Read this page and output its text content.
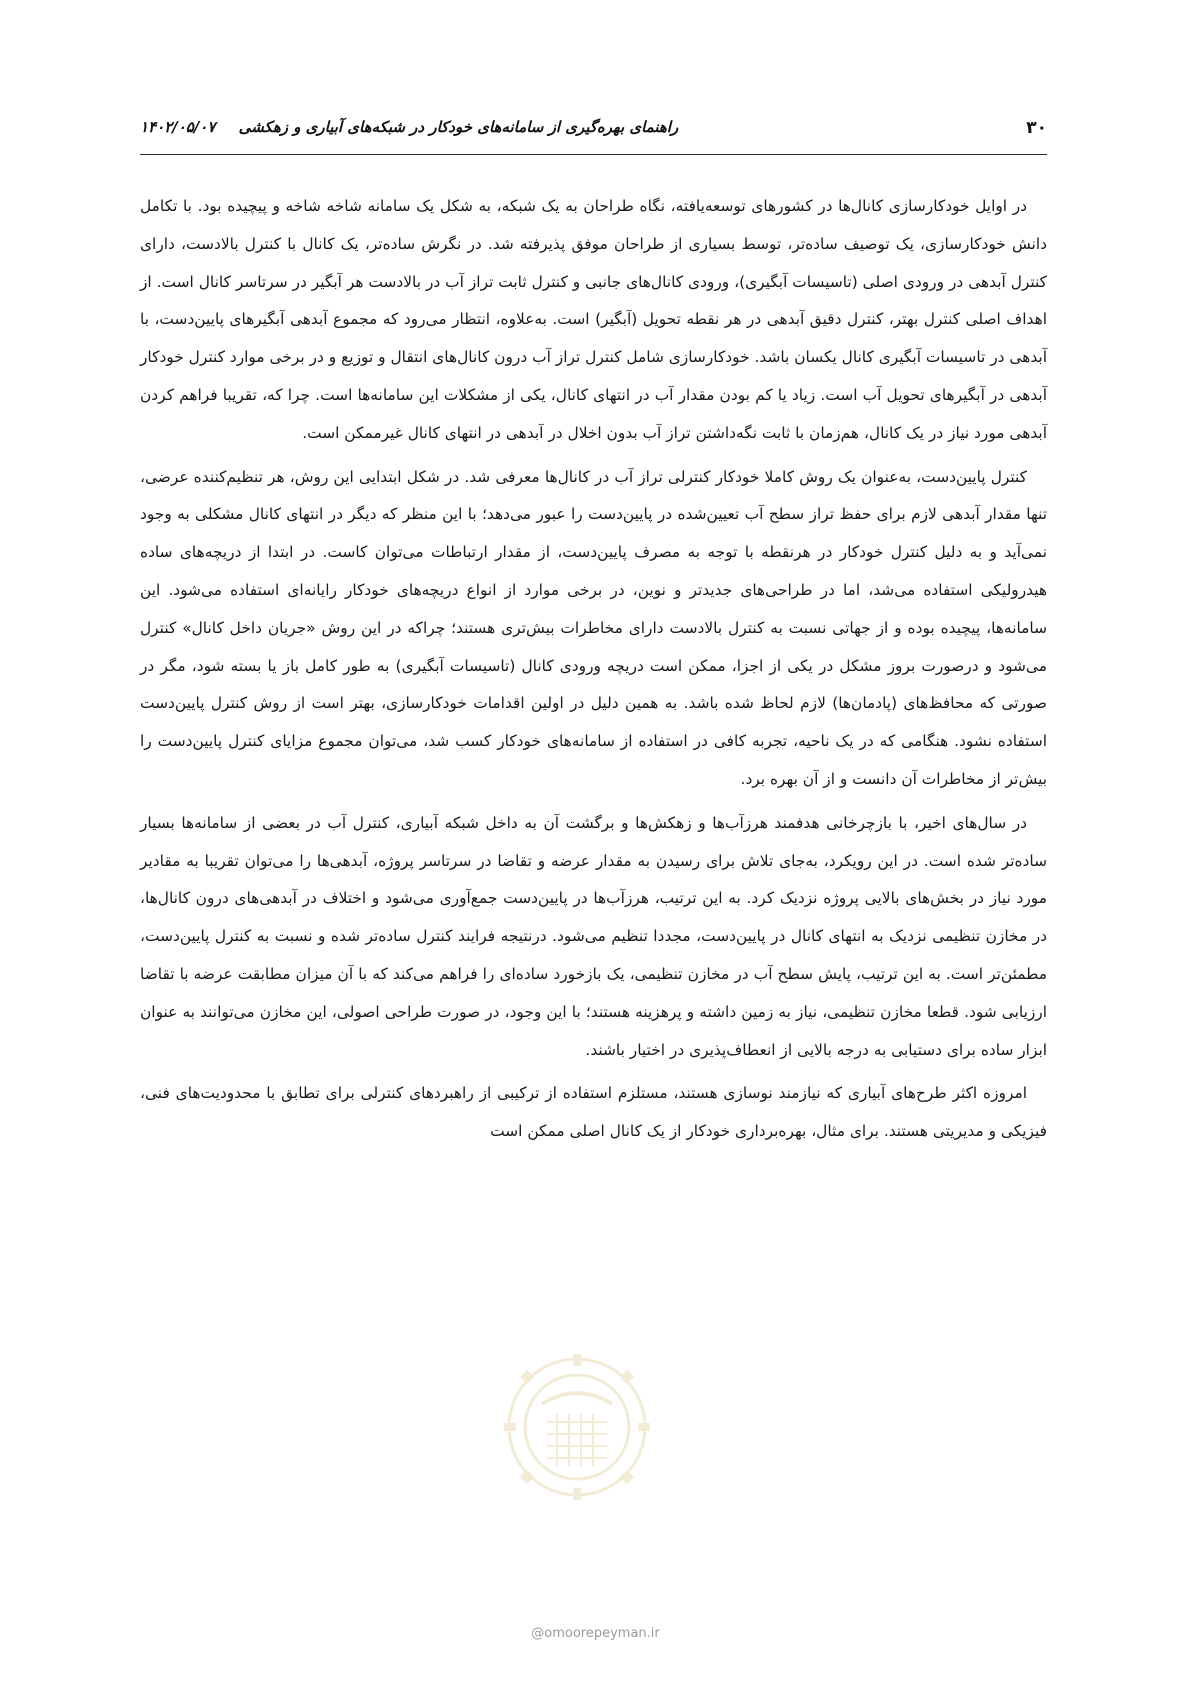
۳۰
راهنمای بهره‌گیری از سامانه‌های خودکار در شبکه‌های آبیاری و زهکشی ۱۴۰۲/۰۵/۰۷

در اوایل خودکارسازی کانال‌ها در کشورهای توسعه‌یافته، نگاه طراحان به یک شبکه، به شکل یک سامانه شاخه شاخه و پیچیده بود. با تکامل دانش خودکارسازی، یک توصیف ساده‌تر، توسط بسیاری از طراحان موفق پذیرفته شد. در نگرش ساده‌تر، یک کانال با کنترل بالادست، دارای کنترل آبدهی در ورودی اصلی (تاسیسات آبگیری)، ورودی کانال‌های جانبی و کنترل ثابت تراز آب در بالادست هر آبگیر در سرتاسر کانال است. از اهداف اصلی کنترل بهتر، کنترل دقیق آبدهی در هر نقطه تحویل (آبگیر) است. به‌علاوه، انتظار می‌رود که مجموع آبدهی آبگیرهای پایین‌دست، با آبدهی در تاسیسات آبگیری کانال یکسان باشد. خودکارسازی شامل کنترل تراز آب درون کانال‌های انتقال و توزیع و در برخی موارد کنترل خودکار آبدهی در آبگیرهای تحویل آب است. زیاد یا کم بودن مقدار آب در انتهای کانال، یکی از مشکلات این سامانه‌ها است. چرا که، تقریبا فراهم کردن آبدهی مورد نیاز در یک کانال، هم‌زمان با ثابت نگه‌داشتن تراز آب بدون اخلال در آبدهی در انتهای کانال غیرممکن است.

کنترل پایین‌دست، به‌عنوان یک روش کاملا خودکار کنترلی تراز آب در کانال‌ها معرفی شد. در شکل ابتدایی این روش، هر تنظیم‌کننده عرضی، تنها مقدار آبدهی لازم برای حفظ تراز سطح آب تعیین‌شده در پایین‌دست را عبور می‌دهد؛ با این منظر که دیگر در انتهای کانال مشکلی به وجود نمی‌آید و به دلیل کنترل خودکار در هرنقطه با توجه به مصرف پایین‌دست، از مقدار ارتباطات می‌توان کاست. در ابتدا از دریچه‌های ساده هیدرولیکی استفاده می‌شد، اما در طراحی‌های جدیدتر و نوین، در برخی موارد از انواع دریچه‌های خودکار رایانه‌ای استفاده می‌شود. این سامانه‌ها، پیچیده بوده و از جهاتی نسبت به کنترل بالادست دارای مخاطرات بیش‌تری هستند؛ چراکه در این روش «جریان داخل کانال» کنترل می‌شود و درصورت بروز مشکل در یکی از اجزا، ممکن است دریچه ورودی کانال (تاسیسات آبگیری) به طور کامل باز یا بسته شود، مگر در صورتی که محافظ‌های (پادمان‌ها) لازم لحاظ شده باشد. به همین دلیل در اولین اقدامات خودکارسازی، بهتر است از روش کنترل پایین‌دست استفاده نشود. هنگامی که در یک ناحیه، تجربه کافی در استفاده از سامانه‌های خودکار کسب شد، می‌توان مجموع مزایای کنترل پایین‌دست را بیش‌تر از مخاطرات آن دانست و از آن بهره برد.

در سال‌های اخیر، با بازچرخانی هدفمند هرزآب‌ها و زهکش‌ها و برگشت آن به داخل شبکه آبیاری، کنترل آب در بعضی از سامانه‌ها بسیار ساده‌تر شده است. در این رویکرد، به‌جای تلاش برای رسیدن به مقدار عرضه و تقاضا در سرتاسر پروژه، آبدهی‌ها را می‌توان تقریبا به مقادیر مورد نیاز در بخش‌های بالایی پروژه نزدیک کرد. به این ترتیب، هرزآب‌ها در پایین‌دست جمع‌آوری می‌شود و اختلاف در آبدهی‌های درون کانال‌ها، در مخازن تنظیمی نزدیک به انتهای کانال در پایین‌دست، مجددا تنظیم می‌شود. درنتیجه فرایند کنترل ساده‌تر شده و نسبت به کنترل پایین‌دست، مطمئن‌تر است. به این ترتیب، پایش سطح آب در مخازن تنظیمی، یک بازخورد ساده‌ای را فراهم می‌کند که با آن میزان مطابقت عرضه با تقاضا ارزیابی شود. قطعا مخازن تنظیمی، نیاز به زمین داشته و پرهزینه هستند؛ با این وجود، در صورت طراحی اصولی، این مخازن می‌توانند به عنوان ابزار ساده برای دستیابی به درجه بالایی از انعطاف‌پذیری در اختیار باشند.

امروزه اکثر طرح‌های آبیاری که نیازمند نوسازی هستند، مستلزم استفاده از ترکیبی از راهبردهای کنترلی برای تطابق با محدودیت‌های فنی، فیزیکی و مدیریتی هستند. برای مثال، بهره‌برداری خودکار از یک کانال اصلی ممکن است

@omoorepeyman.ir
